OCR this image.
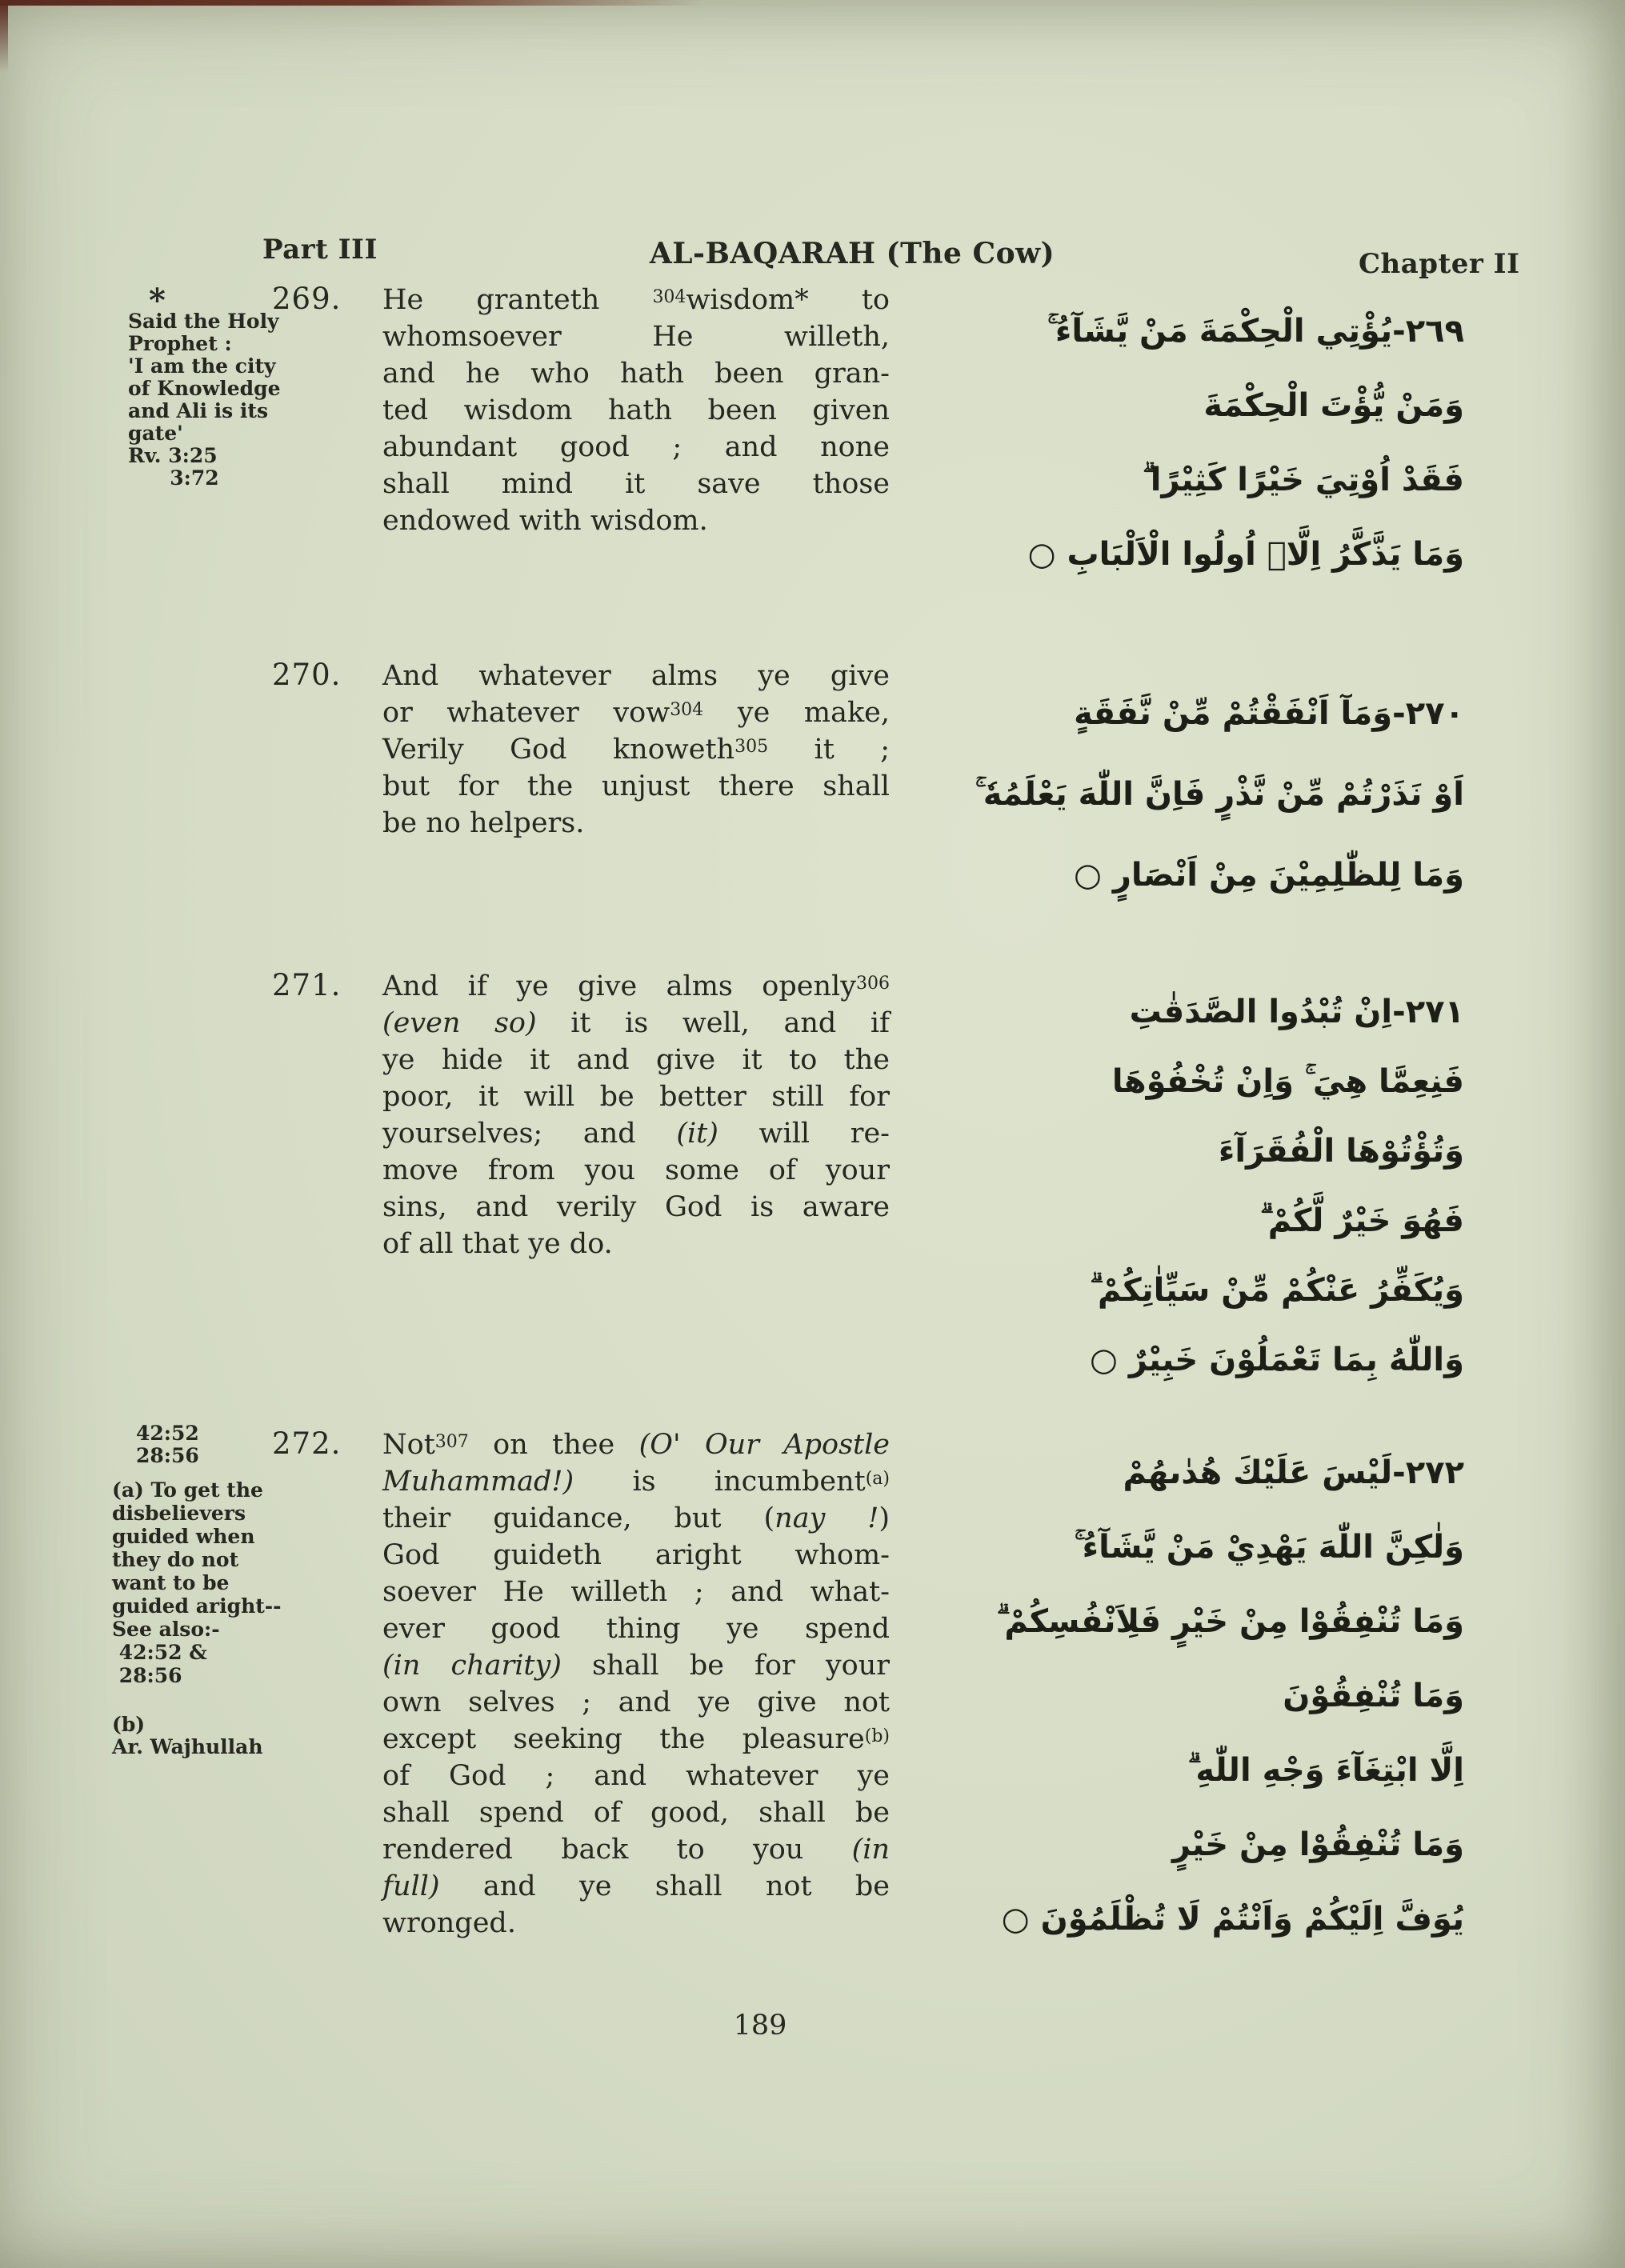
Part III	AL-BAQARAH (The Cow)	Chapter II
*
Said the Holy
Prophet :
'I am the city
of Knowledge
and Ali is its
gate'
Rv. 3:25
3:72
269.	He granteth $^{304}$wisdom* to
whomsoever He willeth,
and he who hath been gran-
ted wisdom hath been given
abundant good ; and none
shall mind it save those
endowed with wisdom.
٢٦٩-يُؤْتِي الْحِكْمَةَ مَنْ يَّشَآءُ ۚ
وَمَنْ يُّؤْتَ الْحِكْمَةَ
فَقَدْ اُوْتِيَ خَيْرًا كَثِيْرًا ۗ
وَمَا يَذَّكَّرُ اِلَّاۤ اُولُوا الْاَلْبَابِ ○
270.	And whatever alms ye give
or whatever vow$^{304}$ ye make,
Verily God knoweth$^{305}$ it ;
but for the unjust there shall
be no helpers.
٢٧٠-وَمَآ اَنْفَقْتُمْ مِّنْ نَّفَقَةٍ
اَوْ نَذَرْتُمْ مِّنْ نَّذْرٍ فَاِنَّ اللّٰهَ يَعْلَمُهٗ ۚ
وَمَا لِلظّٰلِمِيْنَ مِنْ اَنْصَارٍ ○
271.	And if ye give alms openly$^{306}$
(even so) it is well, and if
ye hide it and give it to the
poor, it will be better still for
yourselves; and (it) will re-
move from you some of your
sins, and verily God is aware
of all that ye do.
٢٧١-اِنْ تُبْدُوا الصَّدَقٰتِ
فَنِعِمَّا هِيَ ۚ وَاِنْ تُخْفُوْهَا
وَتُؤْتُوْهَا الْفُقَرَآءَ
فَهُوَ خَيْرٌ لَّكُمْ ۗ
وَيُكَفِّرُ عَنْكُمْ مِّنْ سَيِّاٰتِكُمْ ۗ
وَاللّٰهُ بِمَا تَعْمَلُوْنَ خَبِيْرٌ ○
42:52
28:56
(a) To get the
disbelievers
guided when
they do not
want to be
guided aright--
See also:-
42:52 &
28:56
(b)
Ar. Wajhullah
272.	Not$^{307}$ on thee (O' Our Apostle
Muhammad!) is incumbent$^{(a)}$
their guidance, but (nay !)
God guideth aright whom-
soever He willeth ; and what-
ever good thing ye spend
(in charity) shall be for your
own selves ; and ye give not
except seeking the pleasure$^{(b)}$
of God ; and whatever ye
shall spend of good, shall be
rendered back to you (in
full) and ye shall not be
wronged.
٢٧٢-لَيْسَ عَلَيْكَ هُدٰىهُمْ
وَلٰكِنَّ اللّٰهَ يَهْدِيْ مَنْ يَّشَآءُ ۚ
وَمَا تُنْفِقُوْا مِنْ خَيْرٍ فَلِاَنْفُسِكُمْ ۗ
وَمَا تُنْفِقُوْنَ
اِلَّا ابْتِغَآءَ وَجْهِ اللّٰهِ ۗ
وَمَا تُنْفِقُوْا مِنْ خَيْرٍ
يُوَفَّ اِلَيْكُمْ وَاَنْتُمْ لَا تُظْلَمُوْنَ ○
189
